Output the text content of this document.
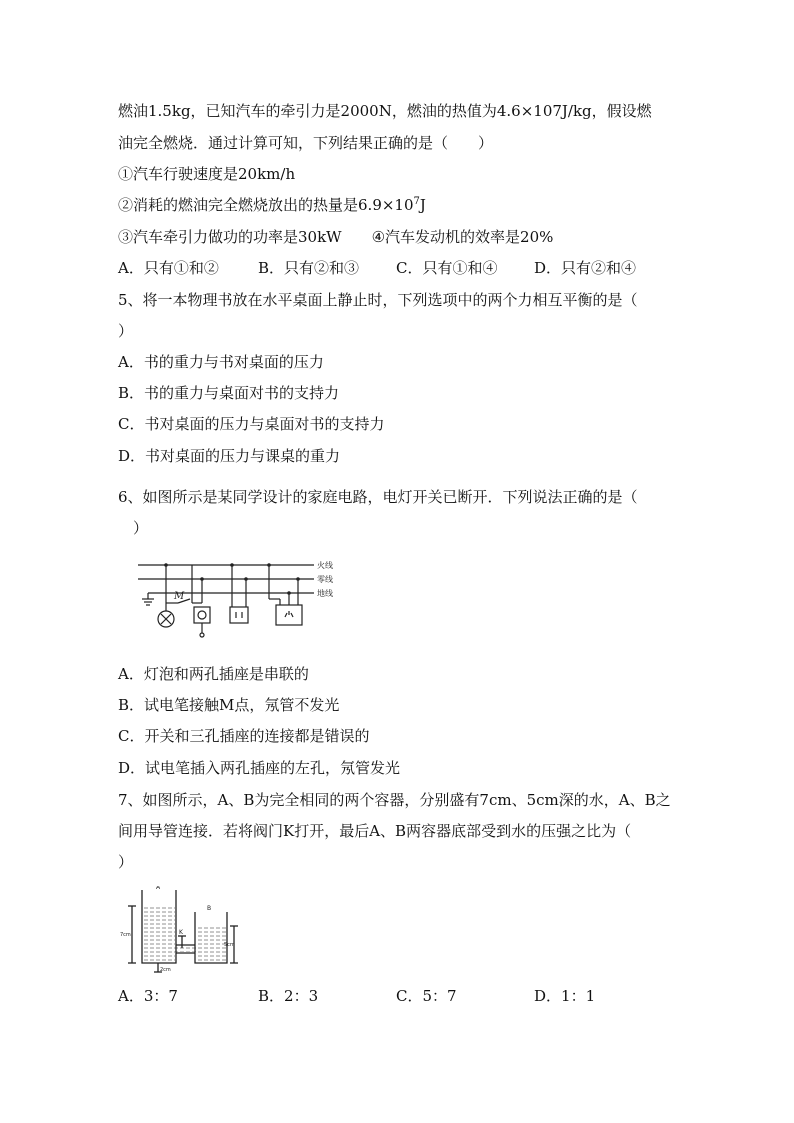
燃油1.5kg，已知汽车的牵引力是2000N，燃油的热值为4.6×107J/kg，假设燃
油完全燃烧．通过计算可知，下列结果正确的是（　　）
①汽车行驶速度是20km/h
②消耗的燃油完全燃烧放出的热量是$6.9\times 10^7J$
③汽车牵引力做功的功率是30kW ④汽车发动机的效率是20%
A．只有①和②	B．只有②和③ C．只有①和④ D．只有②和④
5、将一本物理书放在水平桌面上静止时，下列选项中的两个力相互平衡的是（
）
A．书的重力与书对桌面的压力
B．书的重力与桌面对书的支持力
C．书对桌面的压力与桌面对书的支持力
D．书对桌面的压力与课桌的重力
6、如图所示是某同学设计的家庭电路，电灯开关已断开．下列说法正确的是（
　）
M
火线
零线
地线
A．灯泡和两孔插座是串联的
B．试电笔接触M点，氖管不发光
C．开关和三孔插座的连接都是错误的
D．试电笔插入两孔插座的左孔，氖管发光
7、如图所示，A、B为完全相同的两个容器，分别盛有7cm、5cm深的水，A、B之
间用导管连接．若将阀门K打开，最后A、B两容器底部受到水的压强之比为（
）
A
B
K
7cm
5cm
2cm
A．3：7	B．2：3	C．5：7	D．1：1
